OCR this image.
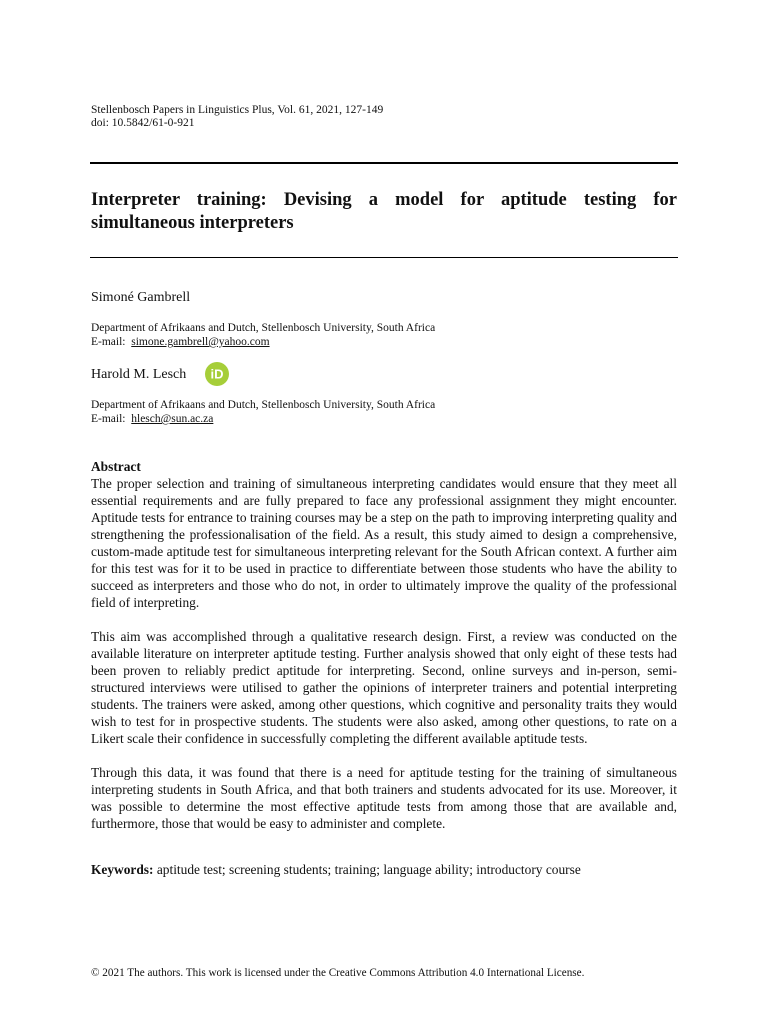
Stellenbosch Papers in Linguistics Plus, Vol. 61, 2021, 127-149
doi: 10.5842/61-0-921
Interpreter training: Devising a model for aptitude testing for simultaneous interpreters
Simoné Gambrell
Department of Afrikaans and Dutch, Stellenbosch University, South Africa
E-mail: simone.gambrell@yahoo.com
Harold M. Lesch iD
Department of Afrikaans and Dutch, Stellenbosch University, South Africa
E-mail: hlesch@sun.ac.za
Abstract

The proper selection and training of simultaneous interpreting candidates would ensure that they meet all essential requirements and are fully prepared to face any professional assignment they might encounter. Aptitude tests for entrance to training courses may be a step on the path to improving interpreting quality and strengthening the professionalisation of the field. As a result, this study aimed to design a comprehensive, custom-made aptitude test for simultaneous interpreting relevant for the South African context. A further aim for this test was for it to be used in practice to differentiate between those students who have the ability to succeed as interpreters and those who do not, in order to ultimately improve the quality of the professional field of interpreting.

This aim was accomplished through a qualitative research design. First, a review was conducted on the available literature on interpreter aptitude testing. Further analysis showed that only eight of these tests had been proven to reliably predict aptitude for interpreting. Second, online surveys and in-person, semi-structured interviews were utilised to gather the opinions of interpreter trainers and potential interpreting students. The trainers were asked, among other questions, which cognitive and personality traits they would wish to test for in prospective students. The students were also asked, among other questions, to rate on a Likert scale their confidence in successfully completing the different available aptitude tests.

Through this data, it was found that there is a need for aptitude testing for the training of simultaneous interpreting students in South Africa, and that both trainers and students advocated for its use. Moreover, it was possible to determine the most effective aptitude tests from among those that are available and, furthermore, those that would be easy to administer and complete.

Keywords: aptitude test; screening students; training; language ability; introductory course
© 2021 The authors. This work is licensed under the Creative Commons Attribution 4.0 International License.
